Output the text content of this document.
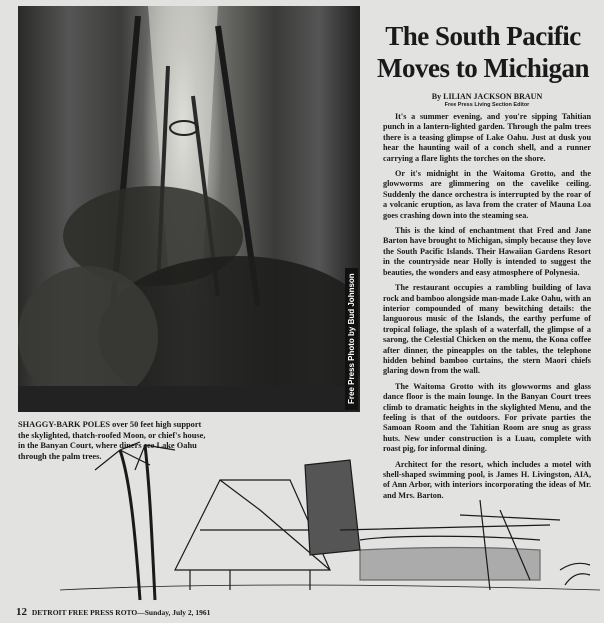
Free Press Photo by Bud Johnson
SHAGGY-BARK POLES over 50 feet high support the skylighted, thatch-roofed Moon, or chief's house, in the Banyan Court, where diners see Lake Oahu through the palm trees.
The South Pacific
Moves to Michigan
By LILIAN JACKSON BRAUN
Free Press Living Section Editor

It's a summer evening, and you're sipping Tahitian punch in a lantern-lighted garden. Through the palm trees there is a teasing glimpse of Lake Oahu. Just at dusk you hear the haunting wail of a conch shell, and a runner carrying a flare lights the torches on the shore.

Or it's midnight in the Waitoma Grotto, and the glowworms are glimmering on the cavelike ceiling. Suddenly the dance orchestra is interrupted by the roar of a volcanic eruption, as lava from the crater of Mauna Loa goes crashing down into the steaming sea.

This is the kind of enchantment that Fred and Jane Barton have brought to Michigan, simply because they love the South Pacific Islands. Their Hawaiian Gardens Resort in the countryside near Holly is intended to suggest the beauties, the wonders and easy atmosphere of Polynesia.

The restaurant occupies a rambling building of lava rock and bamboo alongside man-made Lake Oahu, with an interior compounded of many bewitching details: the languorous music of the Islands, the earthy perfume of tropical foliage, the splash of a waterfall, the glimpse of a sarong, the Celestial Chicken on the menu, the Kona coffee after dinner, the pineapples on the tables, the telephone hidden behind bamboo curtains, the stern Maori chiefs glaring down from the wall.

The Waitoma Grotto with its glowworms and glass dance floor is the main lounge. In the Banyan Court trees climb to dramatic heights in the skylighted Menu, and the feeling is that of the outdoors. For private parties the Samoan Room and the Tahitian Room are snug as grass huts. New under construction is a Luau, complete with roast pig, for informal dining.

Architect for the resort, which includes a motel with shell-shaped swimming pool, is James H. Livingston, AIA, of Ann Arbor, with interiors incorporating the ideas of Mr. and Mrs. Barton.

12 DETROIT FREE PRESS ROTO—Sunday, July 2, 1961
